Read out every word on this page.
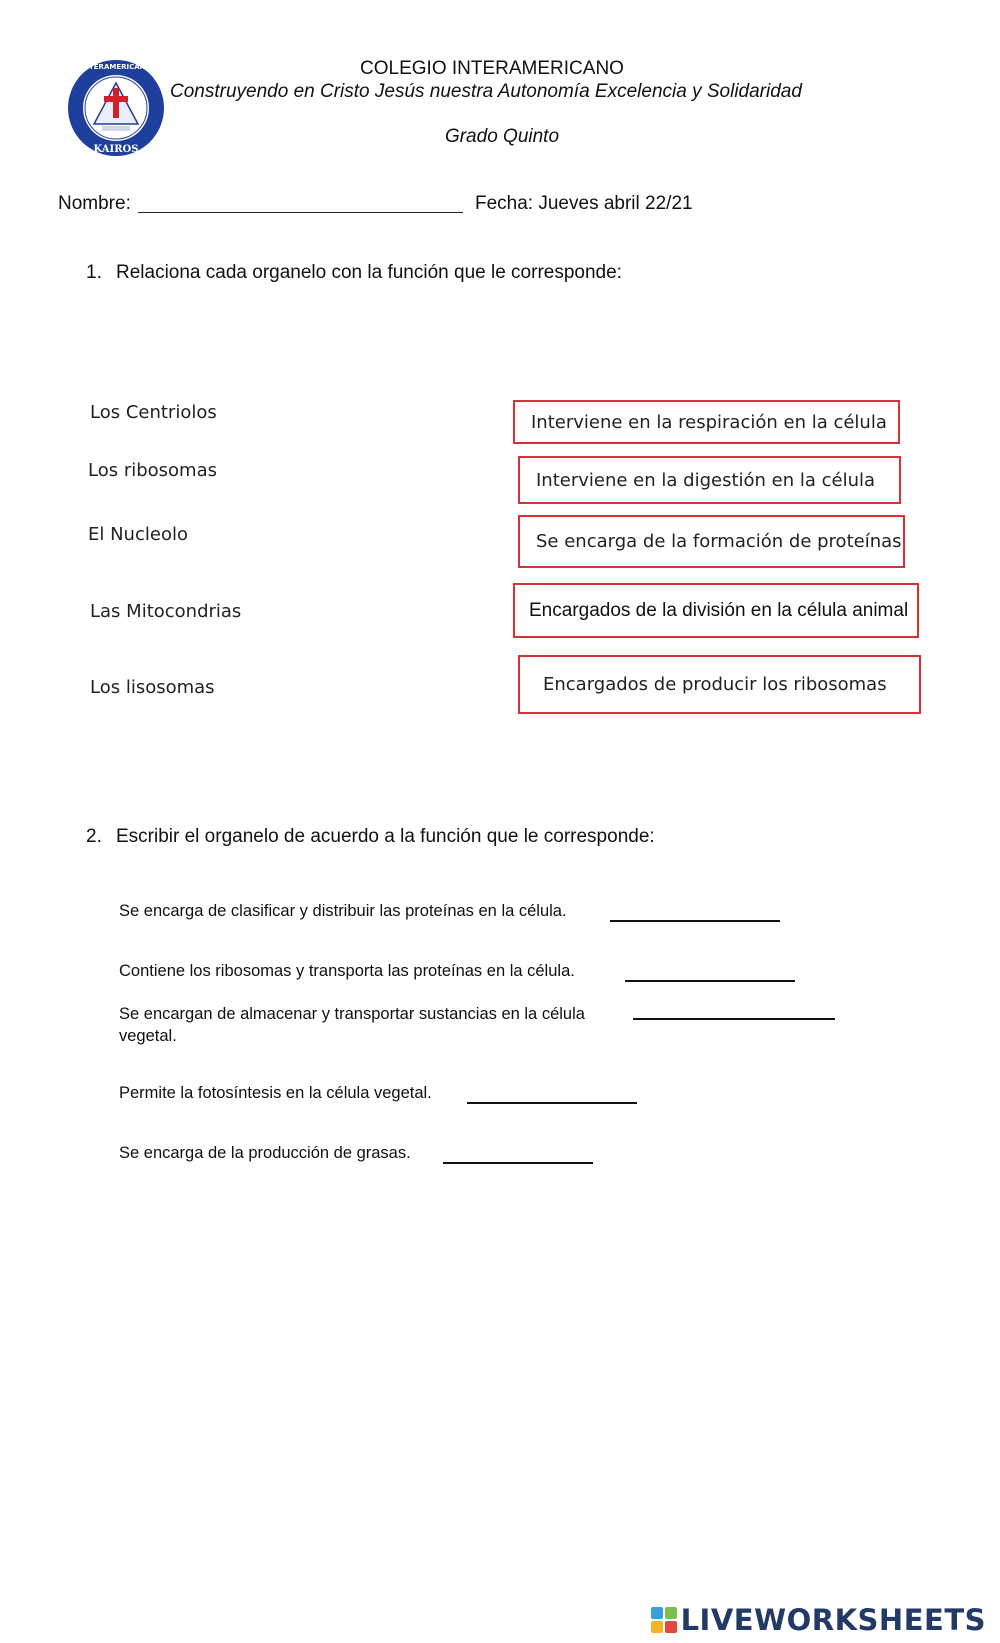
INTERAMERICANO
KAIROS
COLEGIO INTERAMERICANO
Construyendo en Cristo Jesús nuestra Autonomía Excelencia y Solidaridad
Grado Quinto
Nombre:	Fecha: Jueves abril 22/21
1. Relaciona cada organelo con la función que le corresponde:
Los Centriolos
Los ribosomas
El Nucleolo
Las Mitocondrias
Los lisosomas
Interviene en la respiración en la célula
Interviene en la digestión en la célula
Se encarga de la formación de proteínas
Encargados de la división en la célula animal
Encargados de producir los ribosomas
2. Escribir el organelo de acuerdo a la función que le corresponde:
Se encarga de clasificar y distribuir las proteínas en la célula.
Contiene los ribosomas y transporta las proteínas en la célula.
Se encargan de almacenar y transportar sustancias en la célula vegetal.
Permite la fotosíntesis en la célula vegetal.
Se encarga de la producción de grasas.
LIVEWORKSHEETS
